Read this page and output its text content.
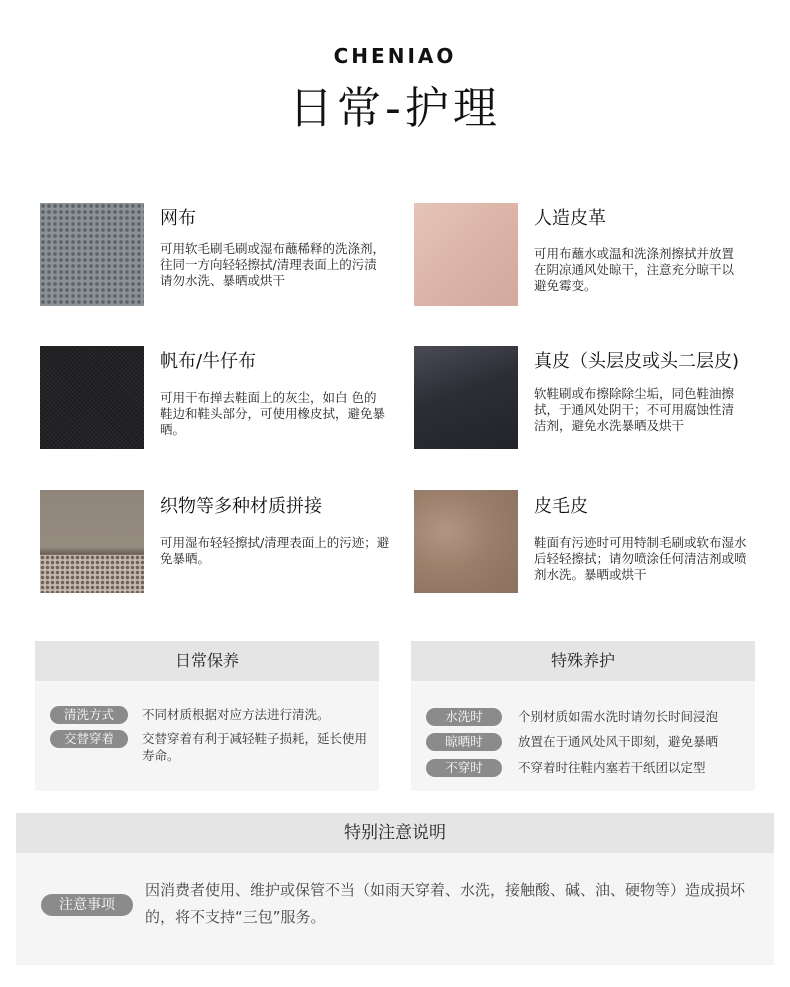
CHENIAO
日常-护理
网布
可用软毛刷毛刷或湿布蘸稀释的洗涤剂，往同一方向轻轻擦拭/清理表面上的污渍请勿水洗、暴晒或烘干
人造皮革
可用布蘸水或温和洗涤剂擦拭并放置在阴凉通风处晾干，注意充分晾干以避免霉变。
帆布/牛仔布
可用干布掸去鞋面上的灰尘，如白 色的鞋边和鞋头部分，可使用橡皮拭，避免暴晒。
真皮（头层皮或头二层皮)
软鞋刷或布擦除除尘垢，同色鞋油擦拭，于通风处阴干；不可用腐蚀性清洁剂，避免水洗暴晒及烘干
织物等多种材质拼接
可用湿布轻轻擦拭/清理表面上的污迹；避免暴晒。
皮毛皮
鞋面有污迹时可用特制毛刷或软布湿水后轻轻擦拭；请勿喷涂任何清洁剂或喷剂水洗。暴晒或烘干
日常保养
清洗方式	不同材质根据对应方法进行清洗。
交替穿着	交替穿着有利于减轻鞋子损耗，延长使用寿命。
特殊养护
水洗时	个别材质如需水洗时请勿长时间浸泡
晾晒时	放置在于通风处风干即刻，避免暴晒
不穿时	不穿着时往鞋内塞若干纸团以定型
特别注意说明
注意事项
因消费者使用、维护或保管不当（如雨天穿着、水洗，接触酸、碱、油、硬物等）造成损坏的，将不支持“三包”服务。
